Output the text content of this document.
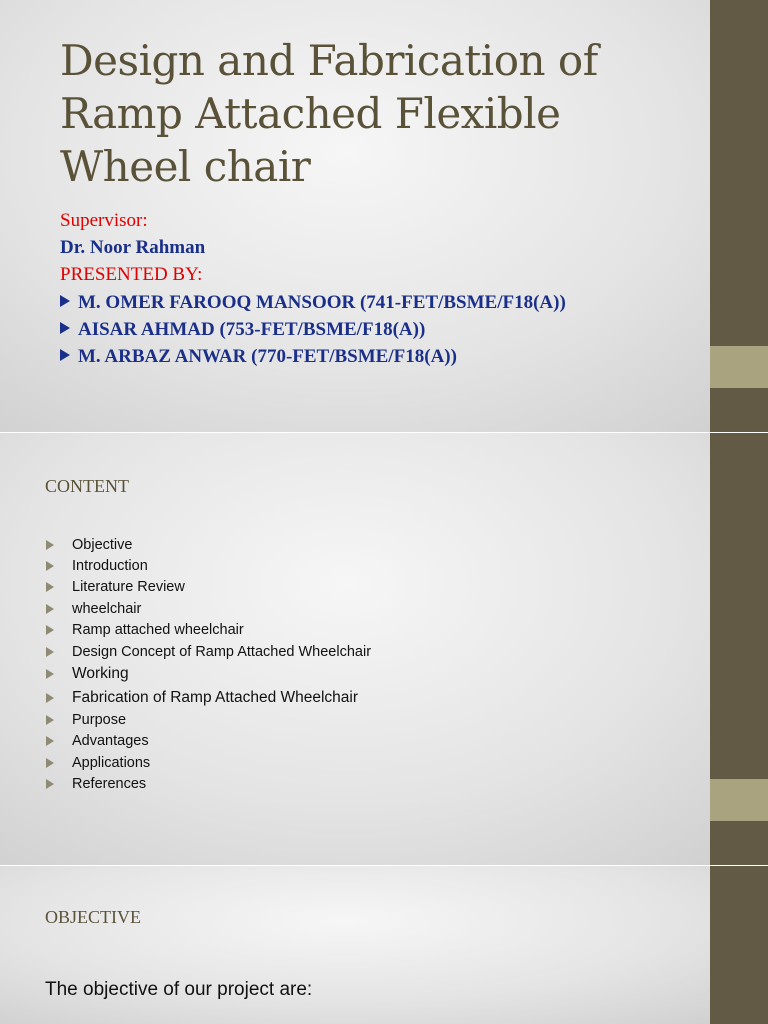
Design and Fabrication of Ramp Attached Flexible Wheel chair
Supervisor:
Dr. Noor Rahman
PRESENTED BY:
M. OMER FAROOQ MANSOOR (741-FET/BSME/F18(A))
AISAR AHMAD (753-FET/BSME/F18(A))
M. ARBAZ ANWAR (770-FET/BSME/F18(A))
CONTENT
Objective
Introduction
Literature Review
wheelchair
Ramp attached wheelchair
Design Concept of Ramp Attached Wheelchair
Working
Fabrication of Ramp Attached Wheelchair
Purpose
Advantages
Applications
References
OBJECTIVE
The objective of our project are:
